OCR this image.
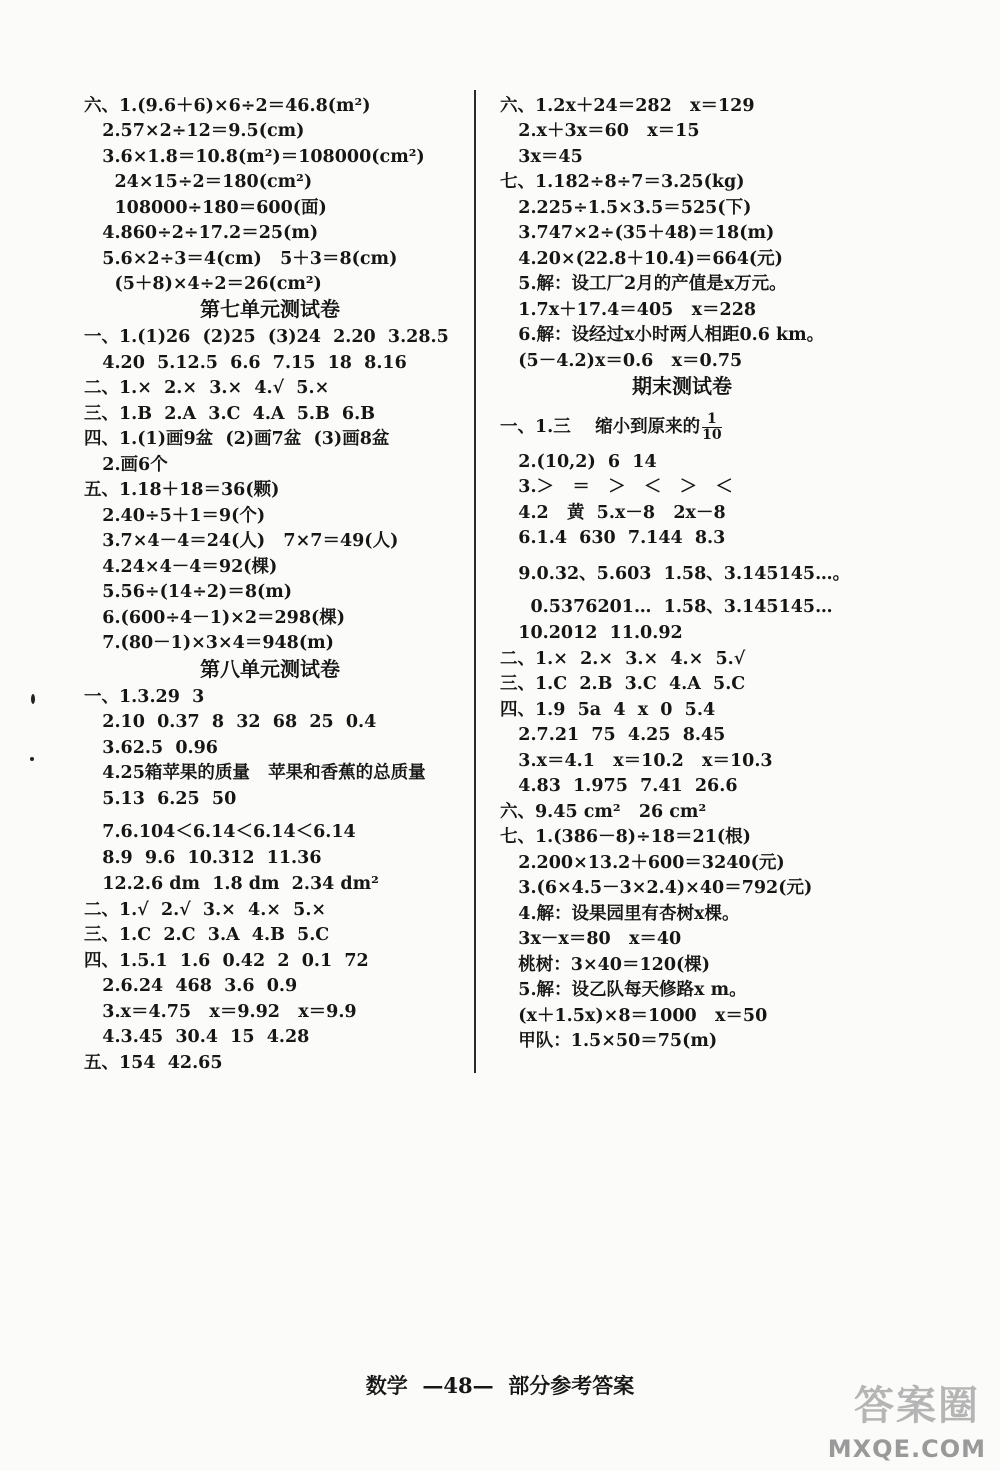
六、1.(9.6＋6)×6÷2＝46.8(m²)
2.57×2÷12＝9.5(cm)
3.6×1.8＝10.8(m²)＝108000(cm²)
24×15÷2＝180(cm²)
108000÷180＝600(面)
4.860÷2÷17.2＝25(m)
5.6×2÷3＝4(cm)   5＋3＝8(cm)
(5＋8)×4÷2＝26(cm²)
第七单元测试卷
一、1.(1)26  (2)25  (3)24  2.20  3.28.5
4.20  5.12.5  6.6  7.15  18  8.16
二、1.×  2.×  3.×  4.√  5.×
三、1.B  2.A  3.C  4.A  5.B  6.B
四、1.(1)画9盆  (2)画7盆  (3)画8盆
2.画6个
五、1.18＋18＝36(颗)
2.40÷5＋1＝9(个)
3.7×4－4＝24(人)   7×7＝49(人)
4.24×4－4＝92(棵)
5.56÷(14÷2)＝8(m)
6.(600÷4－1)×2＝298(棵)
7.(80－1)×3×4＝948(m)
第八单元测试卷
一、1.3.29  3
2.10  0.37  8  32  68  25  0.4
3.62.5  0.96
4.25箱苹果的质量   苹果和香蕉的总质量
5.13  6.25  50
7.6.104＜6.14＜6.14̇＜6.14
8.9  9.6  10.312  11.36
12.2.6 dm  1.8 dm  2.34 dm²
二、1.√  2.√  3.×  4.×  5.×
三、1.C  2.C  3.A  4.B  5.C
四、1.5.1  1.6  0.42  2  0.1  72
2.6.24  468  3.6  0.9
3.x＝4.75   x＝9.92   x＝9.9
4.3.45  30.4  15  4.28
五、154  42.65
六、1.2x＋24＝282   x＝129
2.x＋3x＝60   x＝15
3x＝45
七、1.182÷8÷7＝3.25(kg)
2.225÷1.5×3.5＝525(下)
3.747×2÷(35＋48)＝18(m)
4.20×(22.8＋10.4)＝664(元)
5.解：设工厂2月的产值是x万元。
1.7x＋17.4＝405   x＝228
6.解：设经过x小时两人相距0.6 km。
(5－4.2)x＝0.6   x＝0.75
期末测试卷
一、1.三    缩小到原来的 $\frac{1}{10}$
2.(10,2)  6  14
3.＞   ＝   ＞   ＜   ＞   ＜
4.2   黄  5.x－8   2x－8
6.1.4  630  7.144  8.3
9.0.32、5.603  1.58、3.145145…。
0.5376201…  1.58、3.145145…
10.2012  11.0.92
二、1.×  2.×  3.×  4.×  5.√
三、1.C  2.B  3.C  4.A  5.C
四、1.9  5a  4  x  0  5.4
2.7.21  75  4.25  8.45
3.x＝4.1   x＝10.2   x＝10.3
4.83  1.975  7.41  26.6
六、9.45 cm²   26 cm²
七、1.(386－8)÷18＝21(根)
2.200×13.2＋600＝3240(元)
3.(6×4.5－3×2.4)×40＝792(元)
4.解：设果园里有杏树x棵。
3x－x＝80   x＝40
桃树：3×40＝120(棵)
5.解：设乙队每天修路x m。
(x＋1.5x)×8＝1000   x＝50
甲队：1.5×50＝75(m)
数学  —48—  部分参考答案	答案圈
MXQE.COM
